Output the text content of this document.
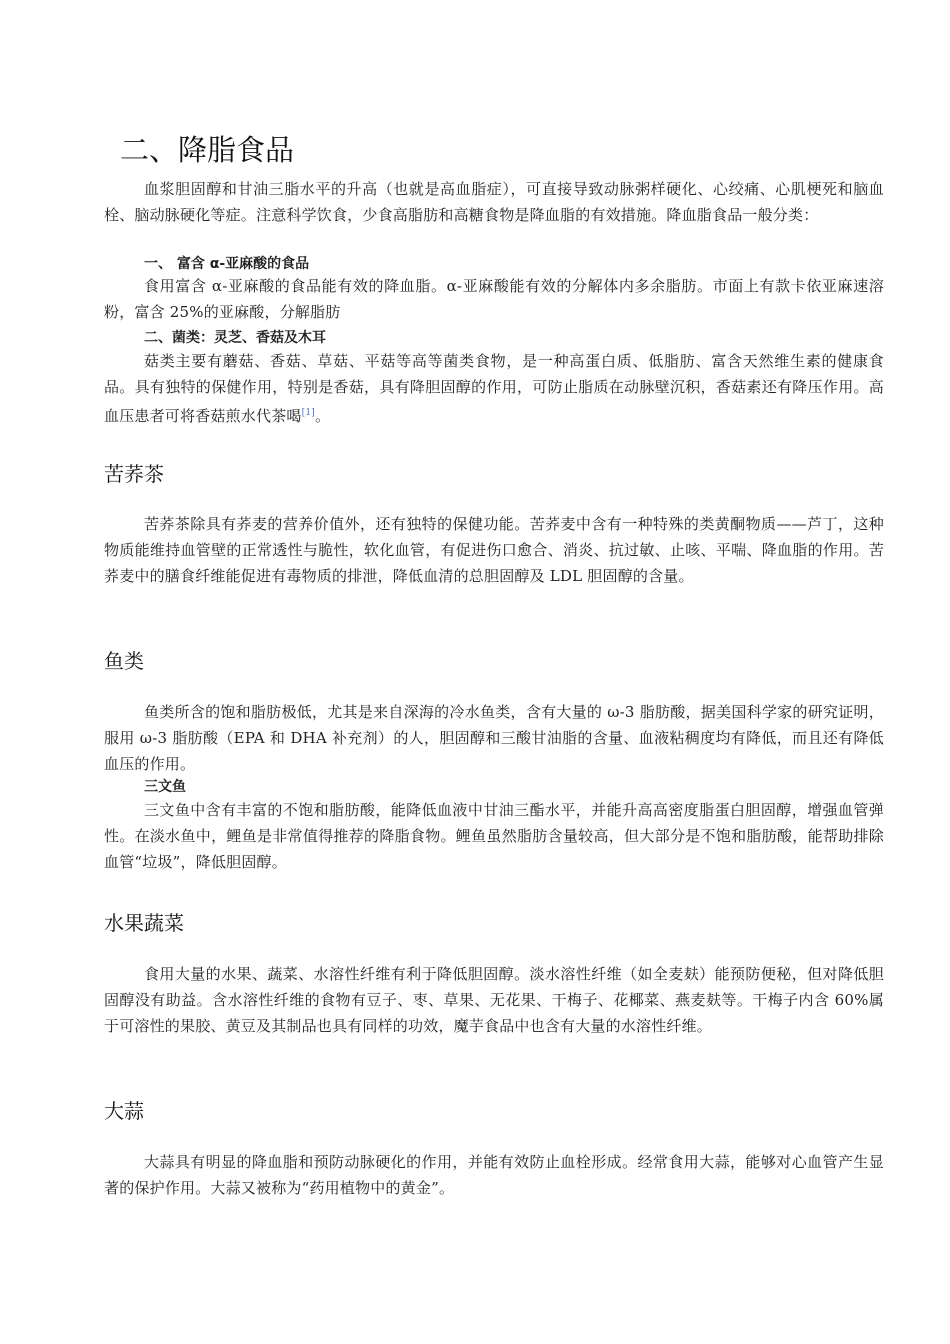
二、降脂食品

血浆胆固醇和甘油三脂水平的升高（也就是高血脂症），可直接导致动脉粥样硬化、心绞痛、心肌梗死和脑血栓、脑动脉硬化等症。注意科学饮食，少食高脂肪和高糖食物是降血脂的有效措施。降血脂食品一般分类：

一、 富含 α-亚麻酸的食品

食用富含 α-亚麻酸的食品能有效的降血脂。α-亚麻酸能有效的分解体内多余脂肪。市面上有款卡依亚麻速溶粉，富含 25%的亚麻酸，分解脂肪

二、菌类：灵芝、香菇及木耳

菇类主要有蘑菇、香菇、草菇、平菇等高等菌类食物，是一种高蛋白质、低脂肪、富含天然维生素的健康食品。具有独特的保健作用，特别是香菇，具有降胆固醇的作用，可防止脂质在动脉壁沉积，香菇素还有降压作用。高血压患者可将香菇煎水代茶喝[1]。

苦荞茶

苦荞茶除具有荞麦的营养价值外，还有独特的保健功能。苦荞麦中含有一种特殊的类黄酮物质——芦丁，这种物质能维持血管壁的正常透性与脆性，软化血管，有促进伤口愈合、消炎、抗过敏、止咳、平喘、降血脂的作用。苦荞麦中的膳食纤维能促进有毒物质的排泄，降低血清的总胆固醇及 LDL 胆固醇的含量。

鱼类

鱼类所含的饱和脂肪极低，尤其是来自深海的冷水鱼类，含有大量的 ω-3 脂肪酸，据美国科学家的研究证明，服用 ω-3 脂肪酸（EPA 和 DHA 补充剂）的人，胆固醇和三酸甘油脂的含量、血液粘稠度均有降低，而且还有降低血压的作用。

三文鱼

三文鱼中含有丰富的不饱和脂肪酸，能降低血液中甘油三酯水平，并能升高高密度脂蛋白胆固醇，增强血管弹性。在淡水鱼中，鲤鱼是非常值得推荐的降脂食物。鲤鱼虽然脂肪含量较高，但大部分是不饱和脂肪酸，能帮助排除血管“垃圾”，降低胆固醇。

水果蔬菜

食用大量的水果、蔬菜、水溶性纤维有利于降低胆固醇。淡水溶性纤维（如全麦麸）能预防便秘，但对降低胆固醇没有助益。含水溶性纤维的食物有豆子、枣、草果、无花果、干梅子、花椰菜、燕麦麸等。干梅子内含 60%属于可溶性的果胶、黄豆及其制品也具有同样的功效，魔芋食品中也含有大量的水溶性纤维。

大蒜

大蒜具有明显的降血脂和预防动脉硬化的作用，并能有效防止血栓形成。经常食用大蒜，能够对心血管产生显著的保护作用。大蒜又被称为“药用植物中的黄金”。
